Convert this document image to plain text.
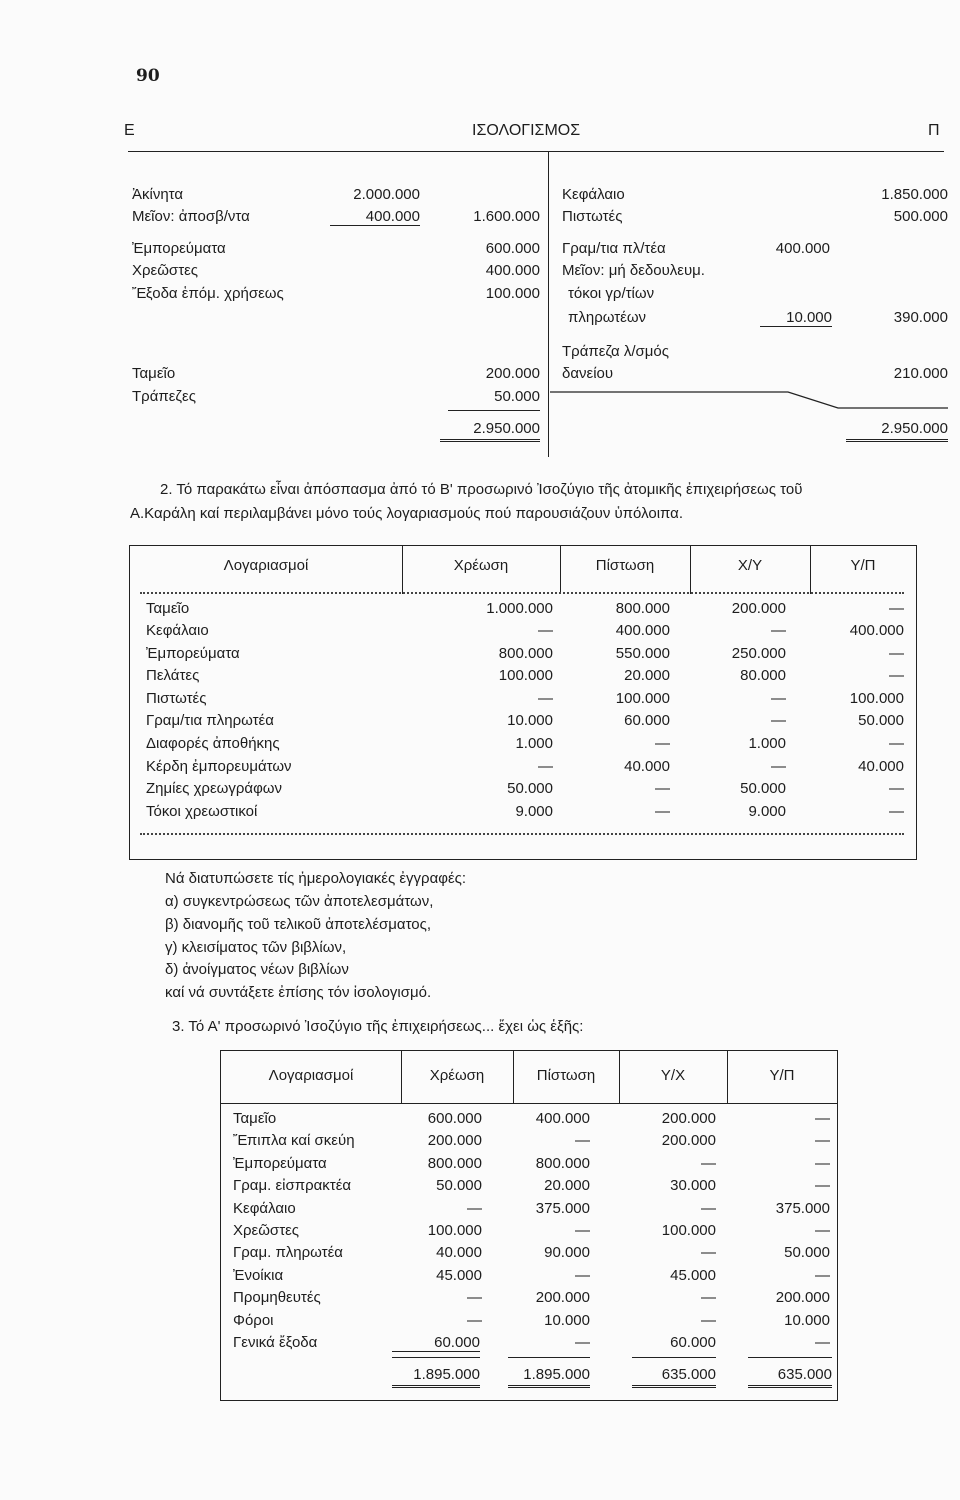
90
Ε	ΙΣΟΛΟΓΙΣΜΟΣ	Π
Ἀκίνητα	2.000.000
Μεῖον: ἀποσβ/ντα	400.000	1.600.000
Ἐμπορεύματα	600.000
Χρεῶστες	400.000
Ἔξοδα ἑπόμ. χρήσεως	100.000
Ταμεῖο	200.000
Τράπεζες	50.000
2.950.000
Κεφάλαιο	1.850.000
Πιστωτές	500.000
Γραμ/τια πλ/τέα	400.000
Μεῖον: μή δεδουλευμ.
τόκοι γρ/τίων
πληρωτέων	10.000	390.000
Τράπεζα λ/σμός
δανείου	210.000
2.950.000
2. Τό παρακάτω εἶναι ἀπόσπασμα ἀπό τό Β' προσωρινό Ἰσοζύγιο τῆς ἀτομικῆς ἐπιχειρήσεως τοῦ
Α.Καράλη καί περιλαμβάνει μόνο τούς λογαριασμούς πού παρουσιάζουν ὑπόλοιπα.
Λογαριασμοί	Χρέωση	Πίστωση	Χ/Υ	Υ/Π
Ταμεῖο	1.000.000	800.000	200.000	—
Κεφάλαιο	—	400.000	—	400.000
Ἐμπορεύματα	800.000	550.000	250.000	—
Πελάτες	100.000	20.000	80.000	—
Πιστωτές	—	100.000	—	100.000
Γραμ/τια πληρωτέα	10.000	60.000	—	50.000
Διαφορές ἀποθήκης	1.000	—	1.000	—
Κέρδη ἐμπορευμάτων	—	40.000	—	40.000
Ζημίες χρεωγράφων	50.000	—	50.000	—
Τόκοι χρεωστικοί	9.000	—	9.000	—
Νά διατυπώσετε τίς ἡμερολογιακές ἐγγραφές:
α) συγκεντρώσεως τῶν ἀποτελεσμάτων,
β) διανομῆς τοῦ τελικοῦ ἀποτελέσματος,
γ) κλεισίματος τῶν βιβλίων,
δ) ἀνοίγματος νέων βιβλίων
καί νά συντάξετε ἐπίσης τόν ἰσολογισμό.
3. Τό Α' προσωρινό Ἰσοζύγιο τῆς ἐπιχειρήσεως... ἔχει ὡς ἑξῆς:
Λογαριασμοί	Χρέωση	Πίστωση	Υ/Χ	Υ/Π
Ταμεῖο	600.000	400.000	200.000	—
Ἔπιπλα καί σκεύη	200.000	—	200.000	—
Ἐμπορεύματα	800.000	800.000	—	—
Γραμ. εἰσπρακτέα	50.000	20.000	30.000	—
Κεφάλαιο	—	375.000	—	375.000
Χρεῶστες	100.000	—	100.000	—
Γραμ. πληρωτέα	40.000	90.000	—	50.000
Ἐνοίκια	45.000	—	45.000	—
Προμηθευτές	—	200.000	—	200.000
Φόροι	—	10.000	—	10.000
Γενικά ἔξοδα	60.000	—	60.000	—
1.895.000	1.895.000	635.000	635.000
